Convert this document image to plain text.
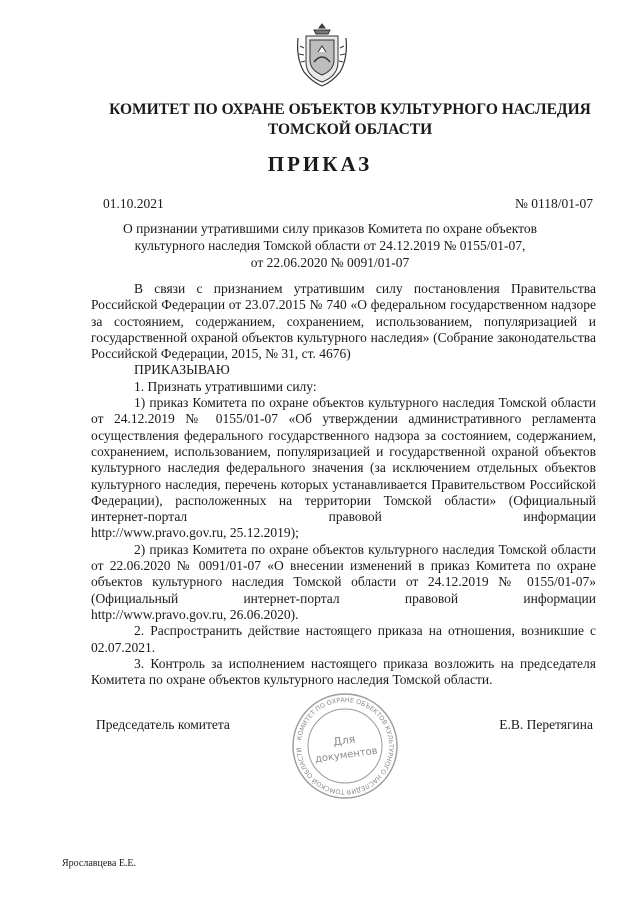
КОМИТЕТ ПО ОХРАНЕ ОБЪЕКТОВ КУЛЬТУРНОГО НАСЛЕДИЯ
ТОМСКОЙ ОБЛАСТИ
ПРИКАЗ
01.10.2021	№ 0118/01-07
О признании утратившими силу приказов Комитета по охране объектов
культурного наследия Томской области от 24.12.2019 № 0155/01-07,
от 22.06.2020 № 0091/01-07

В связи с признанием утратившим силу постановления Правительства Российской Федерации от 23.07.2015 № 740 «О федеральном государственном надзоре за состоянием, содержанием, сохранением, использованием, популяризацией и государственной охраной объектов культурного наследия» (Собрание законодательства Российской Федерации, 2015, № 31, ст. 4676)

ПРИКАЗЫВАЮ

1. Признать утратившими силу:

1) приказ Комитета по охране объектов культурного наследия Томской области от 24.12.2019 № 0155/01-07 «Об утверждении административного регламента осуществления федерального государственного надзора за состоянием, содержанием, сохранением, использованием, популяризацией и государственной охраной объектов культурного наследия федерального значения (за исключением отдельных объектов культурного наследия, перечень которых устанавливается Правительством Российской Федерации), расположенных на территории Томской области» (Официальный интернет-портал правовой информации

http://www.pravo.gov.ru, 25.12.2019);

2) приказ Комитета по охране объектов культурного наследия Томской области от 22.06.2020 № 0091/01-07 «О внесении изменений в приказ Комитета по охране объектов культурного наследия Томской области от 24.12.2019 № 0155/01-07» (Официальный интернет-портал правовой информации

http://www.pravo.gov.ru, 26.06.2020).

2. Распространить действие настоящего приказа на отношения, возникшие с 02.07.2021.

3. Контроль за исполнением настоящего приказа возложить на председателя Комитета по охране объектов культурного наследия Томской области.

Председатель комитета	Е.В. Перетягина
КОМИТЕТ ПО ОХРАНЕ ОБЪЕКТОВ КУЛЬТУРНОГО НАСЛЕДИЯ ТОМСКОЙ ОБЛАСТИ
Для
документов
Ярославцева Е.Е.
